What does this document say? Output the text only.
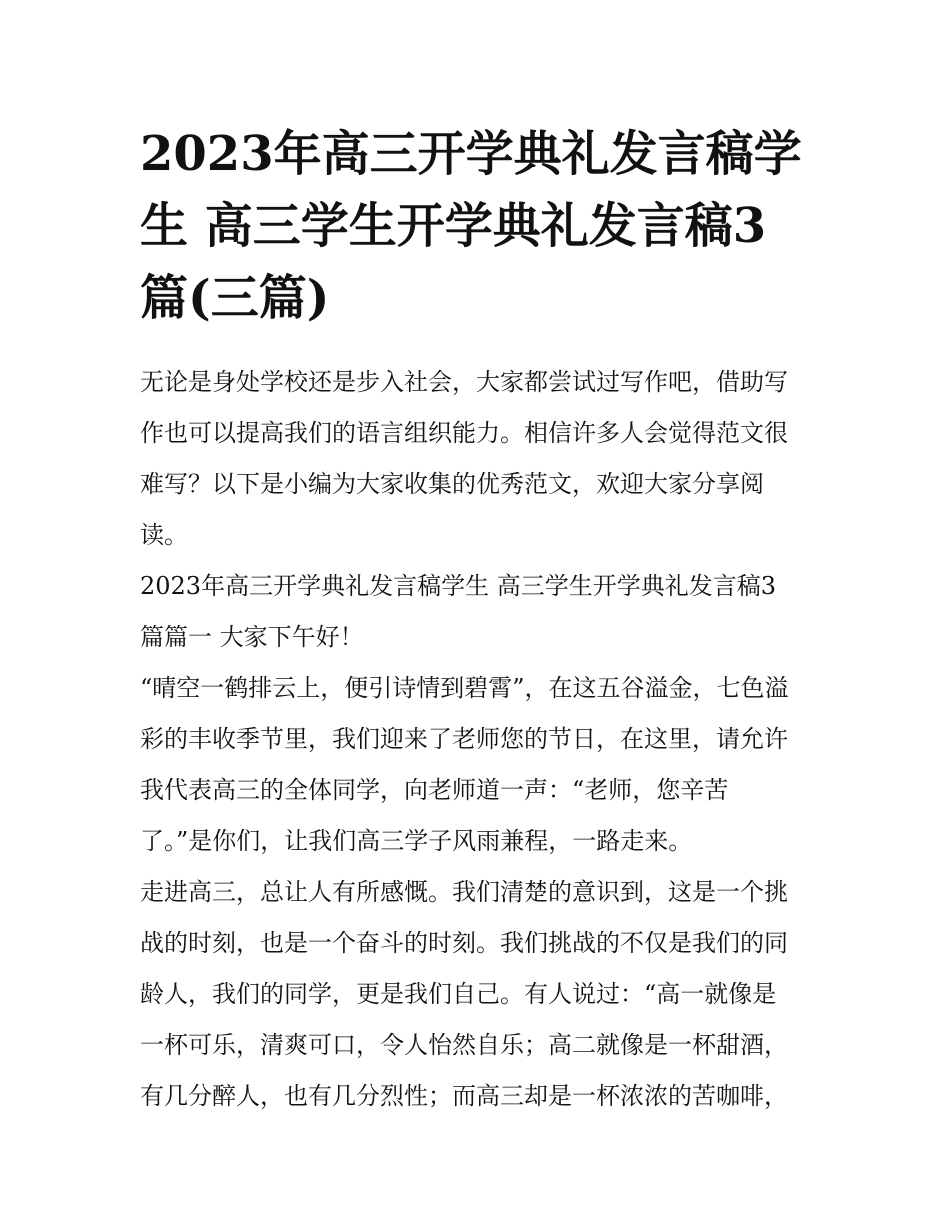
2023年高三开学典礼发言稿学
生 高三学生开学典礼发言稿3
篇(三篇)
无论是身处学校还是步入社会，大家都尝试过写作吧，借助写
作也可以提高我们的语言组织能力。相信许多人会觉得范文很
难写？以下是小编为大家收集的优秀范文，欢迎大家分享阅
读。
2023年高三开学典礼发言稿学生 高三学生开学典礼发言稿3
篇篇一 大家下午好！
“晴空一鹤排云上，便引诗情到碧霄”，在这五谷溢金，七色溢
彩的丰收季节里，我们迎来了老师您的节日，在这里，请允许
我代表高三的全体同学，向老师道一声：“老师，您辛苦
了。”是你们，让我们高三学子风雨兼程，一路走来。
走进高三，总让人有所感慨。我们清楚的意识到，这是一个挑
战的时刻，也是一个奋斗的时刻。我们挑战的不仅是我们的同
龄人，我们的同学，更是我们自己。有人说过：“高一就像是
一杯可乐，清爽可口，令人怡然自乐；高二就像是一杯甜酒，
有几分醉人，也有几分烈性；而高三却是一杯浓浓的苦咖啡，
